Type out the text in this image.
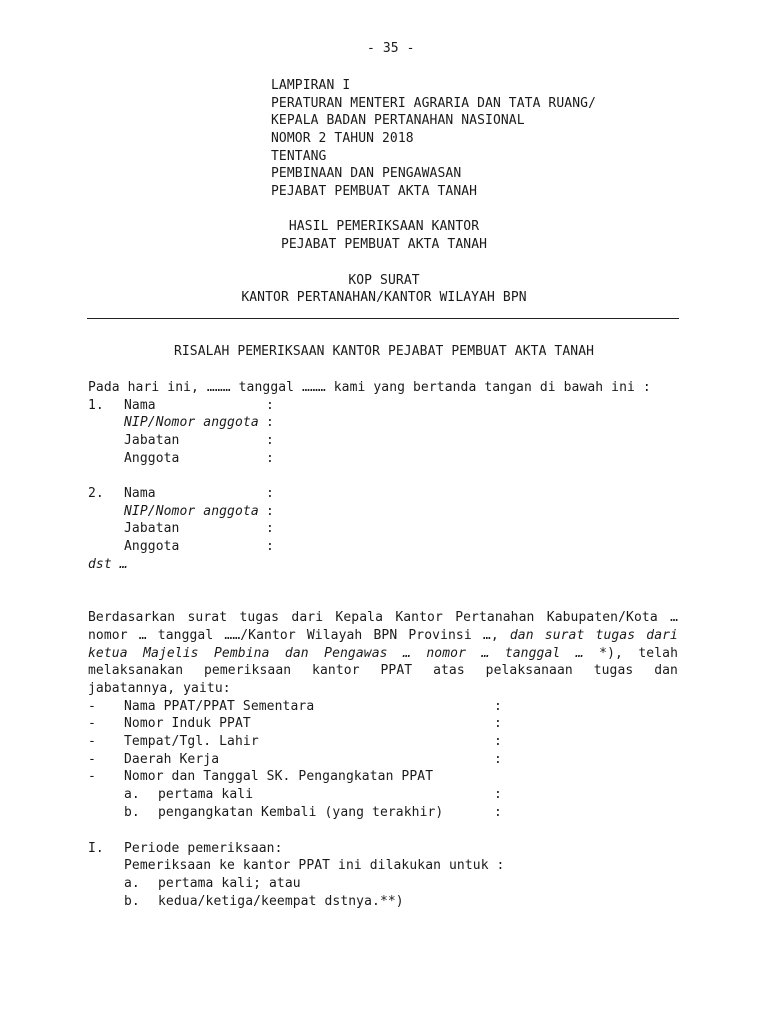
- 35 -
LAMPIRAN I
PERATURAN MENTERI AGRARIA DAN TATA RUANG/
KEPALA BADAN PERTANAHAN NASIONAL
NOMOR 2 TAHUN 2018
TENTANG
PEMBINAAN DAN PENGAWASAN
PEJABAT PEMBUAT AKTA TANAH
HASIL PEMERIKSAAN KANTOR
PEJABAT PEMBUAT AKTA TANAH
KOP SURAT
KANTOR PERTANAHAN/KANTOR WILAYAH BPN
RISALAH PEMERIKSAAN KANTOR PEJABAT PEMBUAT AKTA TANAH
Pada hari ini, ……… tanggal ……… kami yang bertanda tangan di bawah ini :
1. Nama	:
NIP/Nomor anggota :
Jabatan	:
Anggota	:
2. Nama	:
NIP/Nomor anggota :
Jabatan	:
Anggota	:
dst …
Berdasarkan surat tugas dari Kepala Kantor Pertanahan Kabupaten/Kota …
nomor … tanggal ……/Kantor Wilayah BPN Provinsi …, dan surat tugas dari
ketua Majelis Pembina dan Pengawas … nomor … tanggal … *), telah
melaksanakan pemeriksaan kantor PPAT atas pelaksanaan tugas dan
jabatannya, yaitu:
- Nama PPAT/PPAT Sementara	:
- Nomor Induk PPAT	:
- Tempat/Tgl. Lahir	:
- Daerah Kerja	:
- Nomor dan Tanggal SK. Pengangkatan PPAT
a. pertama kali	:
b. pengangkatan Kembali (yang terakhir)	:
I. Periode pemeriksaan:
Pemeriksaan ke kantor PPAT ini dilakukan untuk :
a. pertama kali; atau
b. kedua/ketiga/keempat dstnya.**)
